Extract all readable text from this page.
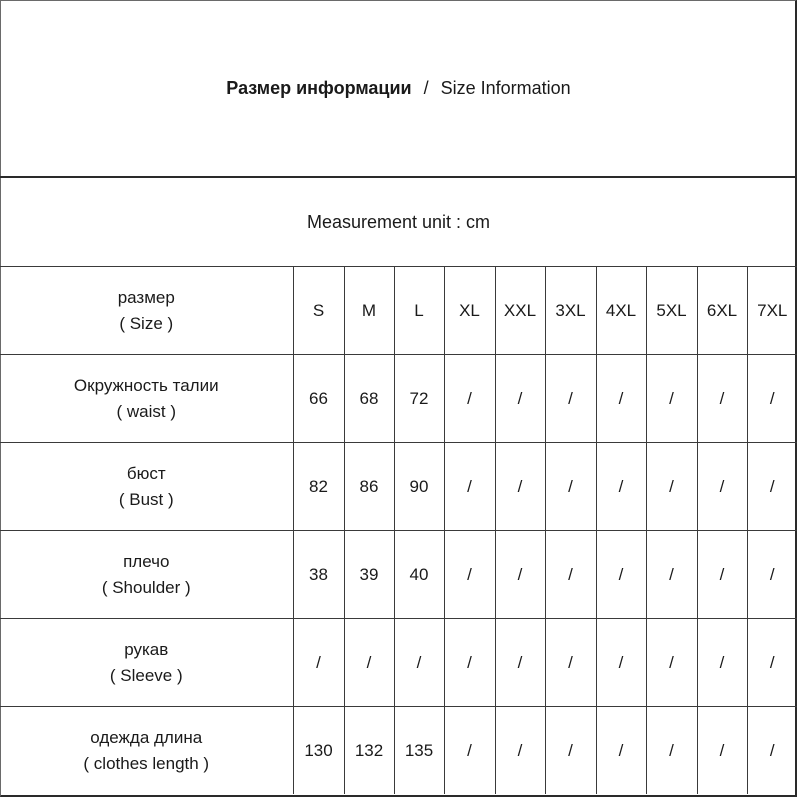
Размер информации / Size Information
Measurement unit : cm
размер
( Size )	S	M	L	XL	XXL	3XL	4XL	5XL	6XL	7XL

Окружность талии
( waist )	66	68	72	/	/	/	/	/	/	/

бюст
( Bust )	82	86	90	/	/	/	/	/	/	/

плечо
( Shoulder )	38	39	40	/	/	/	/	/	/	/

рукав
( Sleeve )	/	/	/	/	/	/	/	/	/	/

одежда длина
( clothes length )	130	132	135	/	/	/	/	/	/	/
